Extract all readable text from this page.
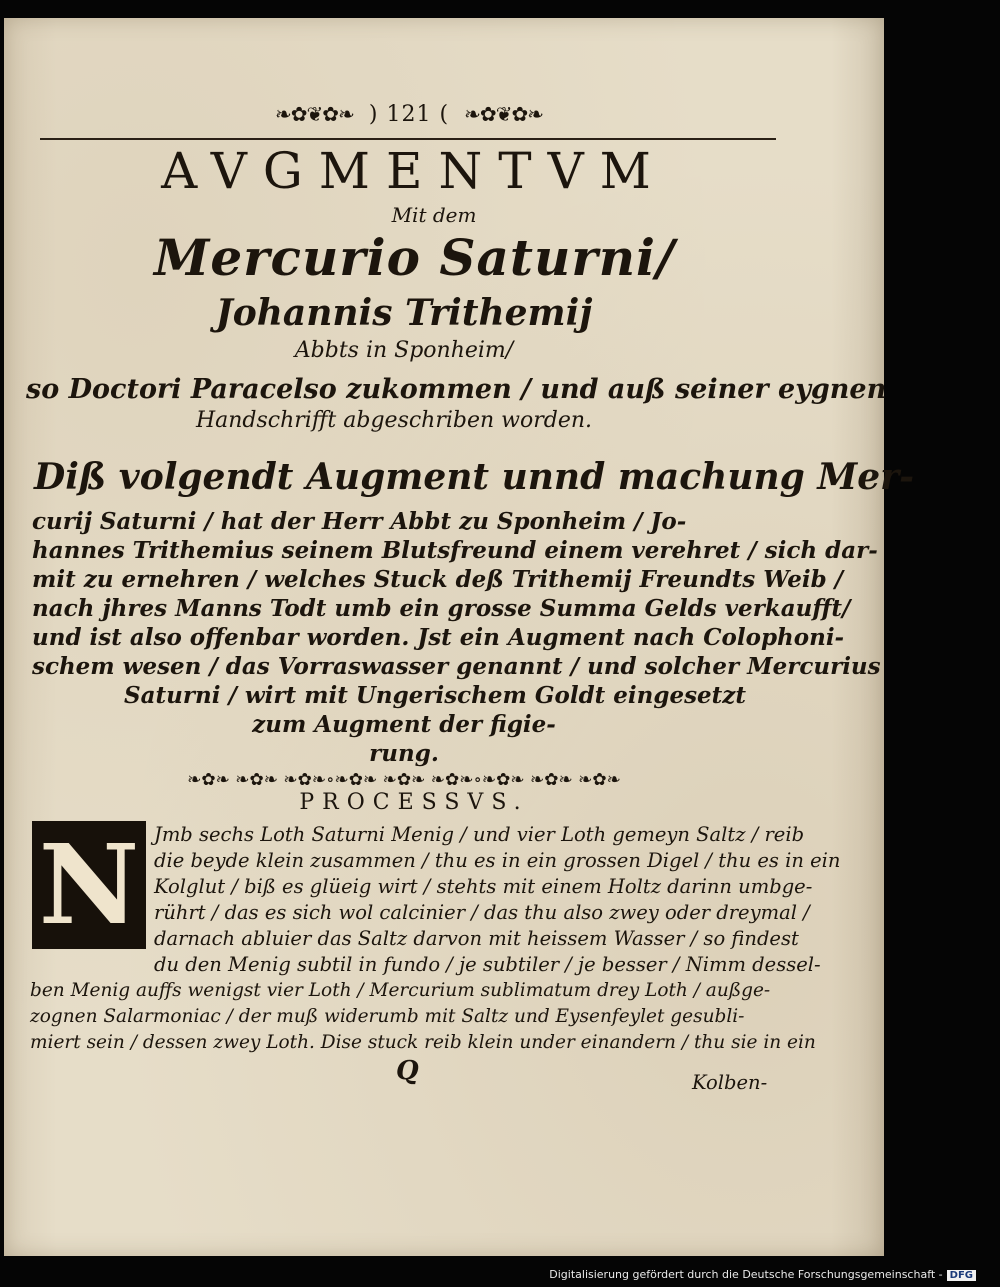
❧✿❦✿❧ ) 121 ( ❧✿❦✿❧
AVGMENTVM
Mit dem
Mercurio Saturni/
Johannis Trithemij
Abbts in Sponheim/
so Doctori Paracelso zukommen / und auß seiner eygnen
Handschrifft abgeschriben worden.
Diß volgendt Augment unnd machung Mer-
curij Saturni / hat der Herr Abbt zu Sponheim / Jo-
hannes Trithemius seinem Blutsfreund einem verehret / sich dar-
mit zu ernehren / welches Stuck deß Trithemij Freundts Weib /
nach jhres Manns Todt umb ein grosse Summa Gelds verkaufft/
und ist also offenbar worden. Jst ein Augment nach Colophoni-
schem wesen / das Vorraswasser genannt / und solcher Mercurius
Saturni / wirt mit Ungerischem Goldt eingesetzt
zum Augment der figie-
rung.
❧✿❧ ❧✿❧ ❧✿❧∘❧✿❧ ❧✿❧ ❧✿❧∘❧✿❧ ❧✿❧ ❧✿❧
PROCESSVS.
N Jmb sechs Loth Saturni Menig / und vier Loth gemeyn Saltz / reib
die beyde klein zusammen / thu es in ein grossen Digel / thu es in ein
Kolglut / biß es glüeig wirt / stehts mit einem Holtz darinn umbge-
rührt / das es sich wol calcinier / das thu also zwey oder dreymal /
darnach abluier das Saltz darvon mit heissem Wasser / so findest
du den Menig subtil in fundo / je subtiler / je besser / Nimm dessel-
ben Menig auffs wenigst vier Loth / Mercurium sublimatum drey Loth / außge-
zognen Salarmoniac / der muß widerumb mit Saltz und Eysenfeylet gesubli-
miert sein / dessen zwey Loth. Dise stuck reib klein under einandern / thu sie in ein
Q	Kolben-
Digitalisierung gefördert durch die Deutsche Forschungsgemeinschaft - DFG
